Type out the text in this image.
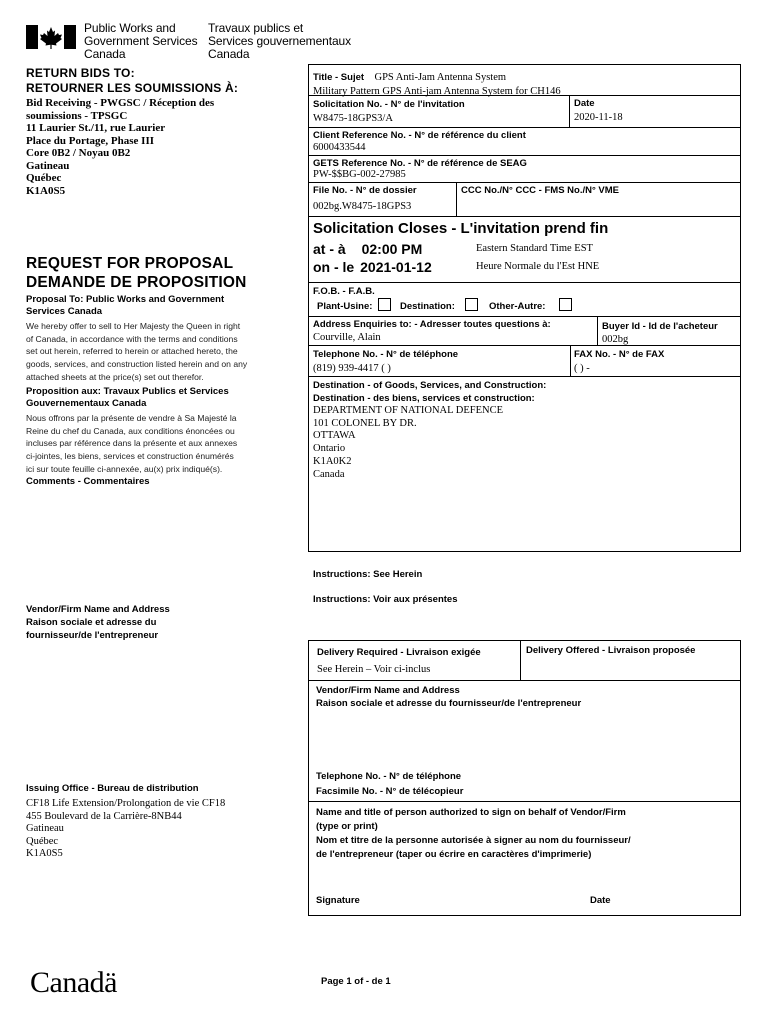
Public Works and
Government Services
Canada
Travaux publics et
Services gouvernementaux
Canada
RETURN BIDS TO:
RETOURNER LES SOUMISSIONS À:
Bid Receiving - PWGSC / Réception des
soumissions - TPSGC
11 Laurier St./11, rue Laurier
Place du Portage, Phase III
Core 0B2 / Noyau 0B2
Gatineau
Québec
K1A0S5
REQUEST FOR PROPOSAL
DEMANDE DE PROPOSITION
Proposal To: Public Works and Government
Services Canada
We hereby offer to sell to Her Majesty the Queen in right
of Canada, in accordance with the terms and conditions
set out herein, referred to herein or attached hereto, the
goods, services, and construction listed herein and on any
attached sheets at the price(s) set out therefor.
Proposition aux: Travaux Publics et Services
Gouvernementaux Canada
Nous offrons par la présente de vendre à Sa Majesté la
Reine du chef du Canada, aux conditions énoncées ou
incluses par référence dans la présente et aux annexes
ci-jointes, les biens, services et construction énumérés
ici sur toute feuille ci-annexée, au(x) prix indiqué(s).
Comments - Commentaires
Vendor/Firm Name and Address
Raison sociale et adresse du
fournisseur/de l'entrepreneur
Issuing Office - Bureau de distribution
CF18 Life Extension/Prolongation de vie CF18
455 Boulevard de la Carrière-8NB44
Gatineau
Québec
K1A0S5
Title - Sujet GPS Anti-Jam Antenna System
Military Pattern GPS Anti-jam Antenna System for CH146
Solicitation No. - N° de l'invitation
W8475-18GPS3/A
Date
2020-11-18
Client Reference No. - N° de référence du client
6000433544
GETS Reference No. - N° de référence de SEAG
PW-$$BG-002-27985
File No. - N° de dossier
002bg.W8475-18GPS3
CCC No./N° CCC - FMS No./N° VME
Solicitation Closes - L'invitation prend fin
at - à 02:00 PM
on - le 2021-01-12
Eastern Standard Time EST
Heure Normale du l'Est HNE
F.O.B. - F.A.B.
Plant-Usine:	Destination:	Other-Autre:
Address Enquiries to: - Adresser toutes questions à:
Courville, Alain
Buyer Id - Id de l'acheteur
002bg
Telephone No. - N° de téléphone
(819) 939-4417 ( )
FAX No. - N° de FAX
( ) -
Destination - of Goods, Services, and Construction:
Destination - des biens, services et construction:
DEPARTMENT OF NATIONAL DEFENCE
101 COLONEL BY DR.
OTTAWA
Ontario
K1A0K2
Canada
Instructions: See Herein
Instructions: Voir aux présentes
Delivery Required - Livraison exigée
See Herein – Voir ci-inclus
Delivery Offered - Livraison proposée
Vendor/Firm Name and Address
Raison sociale et adresse du fournisseur/de l'entrepreneur
Telephone No. - N° de téléphone
Facsimile No. - N° de télécopieur
Name and title of person authorized to sign on behalf of Vendor/Firm
(type or print)
Nom et titre de la personne autorisée à signer au nom du fournisseur/
de l'entrepreneur (taper ou écrire en caractères d'imprimerie)
Signature	Date
Canadä	Page 1 of - de 1
